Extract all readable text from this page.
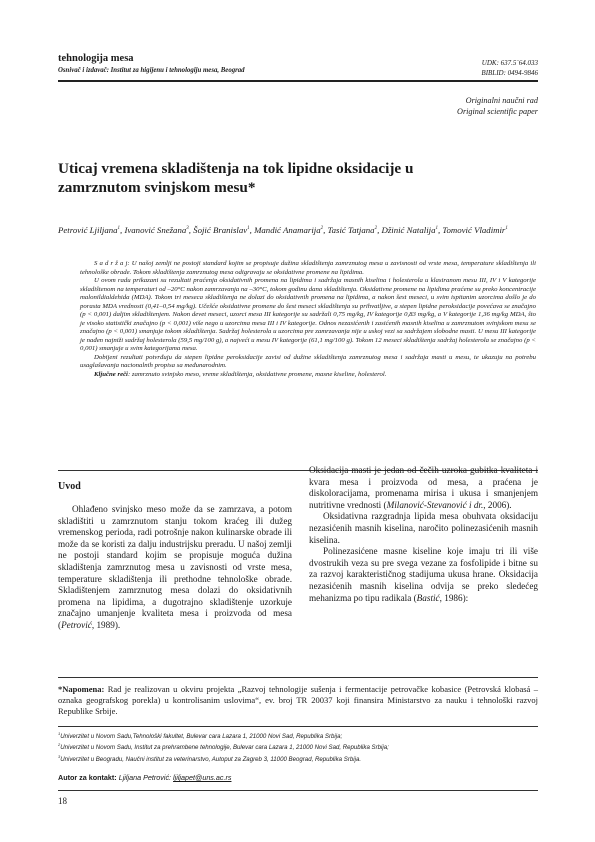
tehnologija mesa
Osnivač i izdavač: Institut za higijenu i tehnologiju mesa, Beograd
UDK: 637.5´64.033
BIBLID: 0494-9846
Originalni naučni rad
Original scientific paper
Uticaj vremena skladištenja na tok lipidne oksidacije u
zamrznutom svinjskom mesu*
Petrović Ljiljana$^1$, Ivanović Snežana$^3$, Šojić Branislav$^1$, Mandić Anamarija$^2$, Tasić Tatjana$^2$, Džinić Natalija$^1$, Tomović Vladimir$^1$

S a d r ž a j: U našoj zemlji ne postoji standard kojim se propisuje dužina skladištenja zamrznutog mesa u zavisnosti od vrste mesa, temperature skladištenja ili tehnološke obrade. Tokom skladištenja zamrznutog mesa odigravaju se oksidativne promene na lipidima.

U ovom radu prikazani su rezultati praćenja oksidativnih promena na lipidima i sadržaja masnih kiselina i holesterola u klasiranom mesu III, IV i V kategorije skladištenom na temperaturi od –20°C nakon zamrzavanja na –30°C, tokom godinu dana skladištenja. Oksidativne promene na lipidima praćene su preko koncentracije malonildialdehida (MDA). Tokom tri meseca skladištenja ne dolazi do oksidativnih promena na lipidima, a nakon šest meseci, u svim ispitanim uzorcima došlo je do porasta MDA vrednosti (0,41–0,54 mg/kg). Učešće oksidativne promene do šest meseci skladištenja su prihvatljive, a stepen lipidne peroksidacije povećava se značajno (p < 0,001) daljim skladištenjem. Nakon devet meseci, uzorci mesa III kategorije su sadržali 0,75 mg/kg, IV kategorije 0,83 mg/kg, a V kategorije 1,36 mg/kg MDA, što je visoko statistički značajno (p < 0,001) više nego u uzorcima mesa III i IV kategorije. Odnos nezasićenih i zasićenih masnih kiselina u zamrznutom svinjskom mesu se značajno (p < 0,001) smanjuje tokom skladištenja. Sadržaj holesterola u uzorcima pre zamrzavanja nije u uskoj vezi sa sadržajem slobodne masti. U mesu III kategorije je nađen najniži sadržaj holesterola (59,5 mg/100 g), a najveći u mesu IV kategorije (61,1 mg/100 g). Tokom 12 meseci skladištenja sadržaj holesterola se značajno (p < 0,001) smanjuje u svim kategorijama mesa.

Dobijeni rezultati potvrđuju da stepen lipidne peroksidacije zavisi od dužine skladištenja zamrznutog mesa i sadržaja masti u mesu, te ukazuju na potrebu usaglašavanja nacionalnih propisa sa međunarodnim.

Ključne reči: zamrznuto svinjsko meso, vreme skladištenja, oksidativne promene, masne kiseline, holesterol.

Uvod

Ohlađeno svinjsko meso može da se zamrzava, a potom skladištiti u zamrznutom stanju tokom kraćeg ili dužeg vremenskog perioda, radi potrošnje nakon kulinarske obrade ili može da se koristi za dalju industrijsku preradu. U našoj zemlji ne postoji standard kojim se propisuje moguća dužina skladištenja zamrznutog mesa u zavisnosti od vrste mesa, temperature skladištenja ili prethodne tehnološke obrade. Skladištenjem zamrznutog mesa dolazi do oksidativnih promena na lipidima, a dugotrajno skladištenje uzorkuje značajno umanjenje kvaliteta mesa i proizvoda od mesa (Petrović, 1989).

Oksidacija masti je jedan od čečih uzroka gubitka kvaliteta i kvara mesa i proizvoda od mesa, a praćena je diskoloracijama, promenama mirisa i ukusa i smanjenjem nutritivne vrednosti (Milanović-Stevanović i dr., 2006).

Oksidativna razgradnja lipida mesa obuhvata oksidaciju nezasićenih masnih kiselina, naročito polinezasićenih masnih kiselina.

Polinezasićene masne kiseline koje imaju tri ili više dvostrukih veza su pre svega vezane za fosfolipide i bitne su za razvoj karakterističnog stadijuma ukusa hrane. Oksidacija nezasićenih masnih kiselina odvija se preko sledećeg mehanizma po tipu radikala (Bastić, 1986):

*Napomena: Rad je realizovan u okviru projekta „Razvoj tehnologije sušenja i fermentacije petrovačke kobasice (Petrovská klobasá – oznaka geografskog porekla) u kontrolisanim uslovima“, ev. broj TR 20037 koji finansira Ministarstvo za nauku i tehnološki razvoj Republike Srbije.
$^1$Univerzitet u Novom Sadu,Tehnološki fakultet, Bulevar cara Lazara 1, 21000 Novi Sad, Republika Srbija;
$^2$Univerzitet u Novom Sadu, Institut za prehrambene tehnologije, Bulevar cara Lazara 1, 21000 Novi Sad, Republika Srbija;
$^3$Univerzitet u Beogradu, Naučni institut za veterinarstvo, Autoput za Zagreb 3, 11000 Beograd, Republika Srbija.
Autor za kontakt: Ljiljana Petrović: ljiljapet@uns.ac.rs
18
